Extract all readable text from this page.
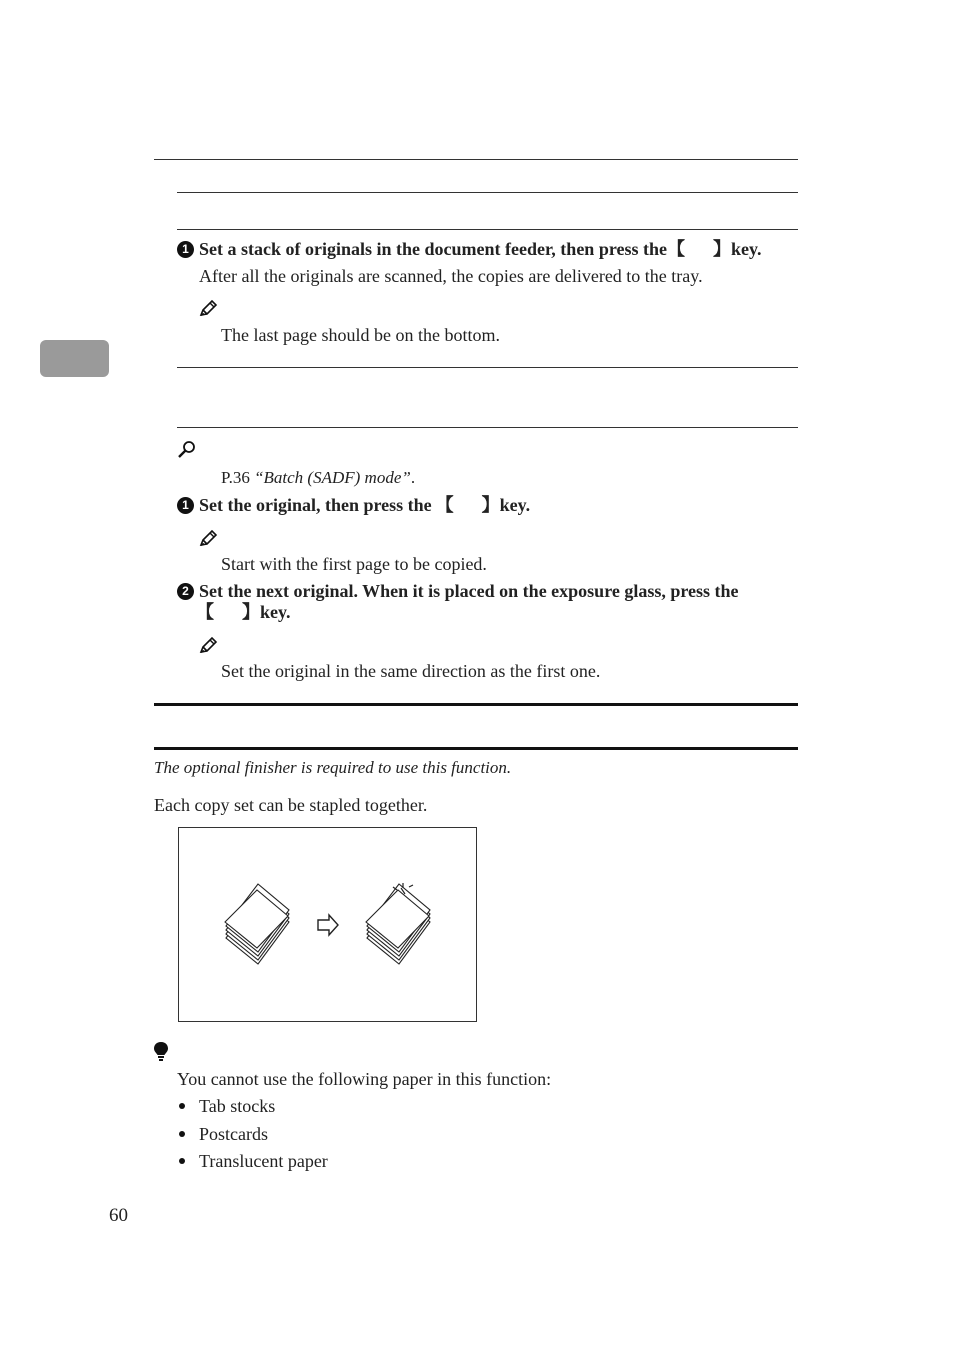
1 Set a stack of originals in the document feeder, then press the【 】key.
After all the originals are scanned, the copies are delivered to the tray.
The last page should be on the bottom.
P.36 “Batch (SADF) mode”.
1 Set the original, then press the 【 】key.
Start with the first page to be copied.
2 Set the next original. When it is placed on the exposure glass, press the
【 】key.
Set the original in the same direction as the first one.
The optional finisher is required to use this function.
Each copy set can be stapled together.
You cannot use the following paper in this function:
Tab stocks
Postcards
Translucent paper
60
